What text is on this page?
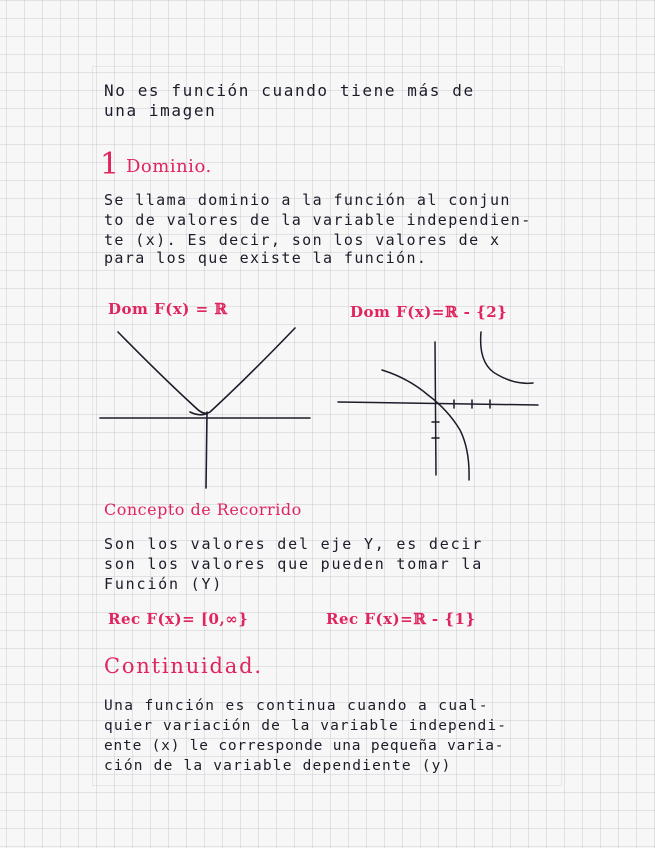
No es función cuando tiene más de
una imagen
1 Dominio.
Se llama dominio a la función al conjun
to de valores de la variable independien-
te (x). Es decir, son los valores de x
para los que existe la función.
Dom F(x) = ℝ	Dom F(x)=ℝ - {2}
Concepto de Recorrido
Son los valores del eje Y, es decir
son los valores que pueden tomar la
Función (Y)
Rec F(x)= [0,∞}	Rec F(x)=ℝ - {1}
Continuidad.
Una función es continua cuando a cual-
quier variación de la variable independi-
ente (x) le corresponde una pequeña varia-
ción de la variable dependiente (y)
